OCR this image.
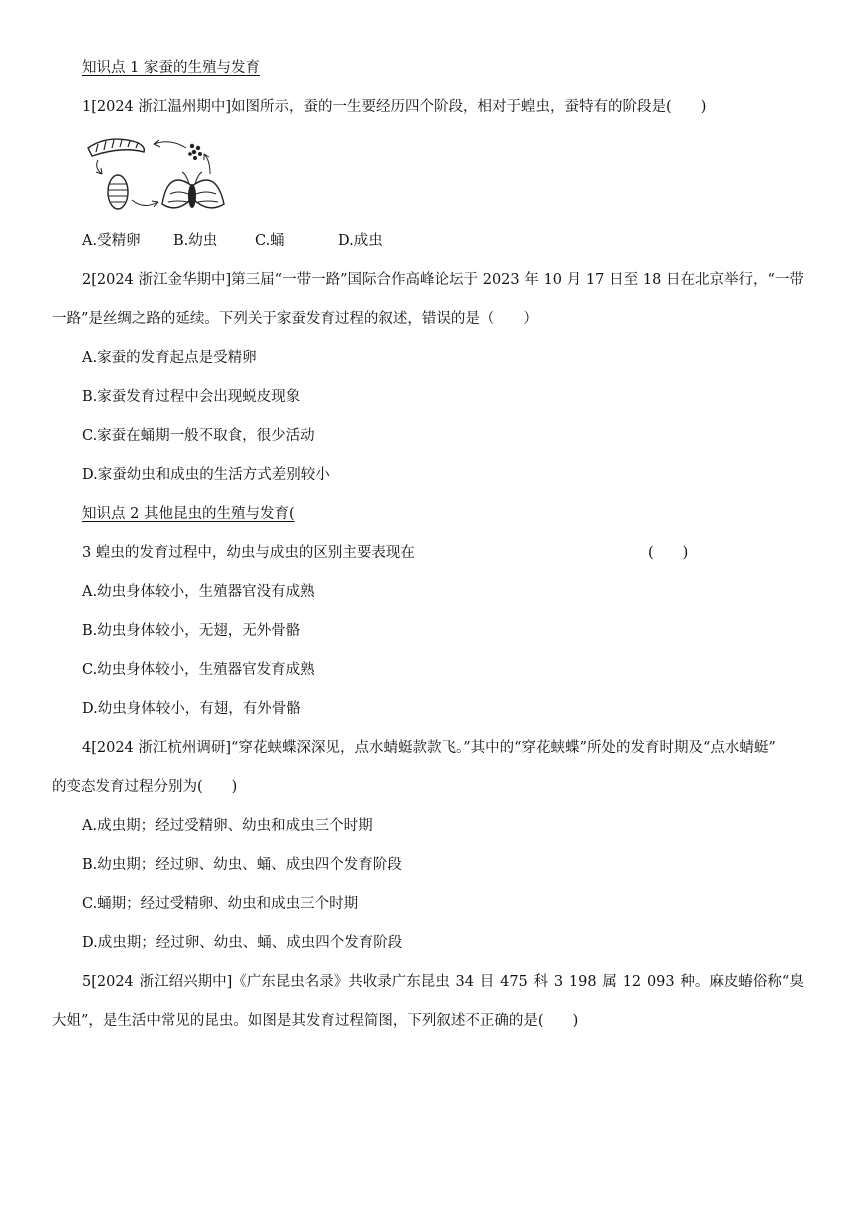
知识点 1 家蚕的生殖与发育
1[2024 浙江温州期中]如图所示，蚕的一生要经历四个阶段，相对于蝗虫，蚕特有的阶段是(　　)
A.受精卵 B.幼虫	C.蛹	D.成虫
2[2024 浙江金华期中]第三届“一带一路”国际合作高峰论坛于 2023 年 10 月 17 日至 18 日在北京举行，“一带
一路”是丝绸之路的延续。下列关于家蚕发育过程的叙述，错误的是（　　）
A.家蚕的发育起点是受精卵
B.家蚕发育过程中会出现蜕皮现象
C.家蚕在蛹期一般不取食，很少活动
D.家蚕幼虫和成虫的生活方式差别较小
知识点 2 其他昆虫的生殖与发育(
3 蝗虫的发育过程中，幼虫与成虫的区别主要表现在	(　　)
A.幼虫身体较小，生殖器官没有成熟
B.幼虫身体较小，无翅，无外骨骼
C.幼虫身体较小，生殖器官发育成熟
D.幼虫身体较小，有翅，有外骨骼
4[2024 浙江杭州调研]“穿花蛱蝶深深见，点水蜻蜓款款飞。”其中的“穿花蛱蝶”所处的发育时期及“点水蜻蜓”
的变态发育过程分别为(　　)
A.成虫期；经过受精卵、幼虫和成虫三个时期
B.幼虫期；经过卵、幼虫、蛹、成虫四个发育阶段
C.蛹期；经过受精卵、幼虫和成虫三个时期
D.成虫期；经过卵、幼虫、蛹、成虫四个发育阶段
5[2024 浙江绍兴期中]《广东昆虫名录》共收录广东昆虫 34 目 475 科 3 198 属 12 093 种。麻皮蝽俗称“臭
大姐”，是生活中常见的昆虫。如图是其发育过程简图，下列叙述不正确的是(　　)
